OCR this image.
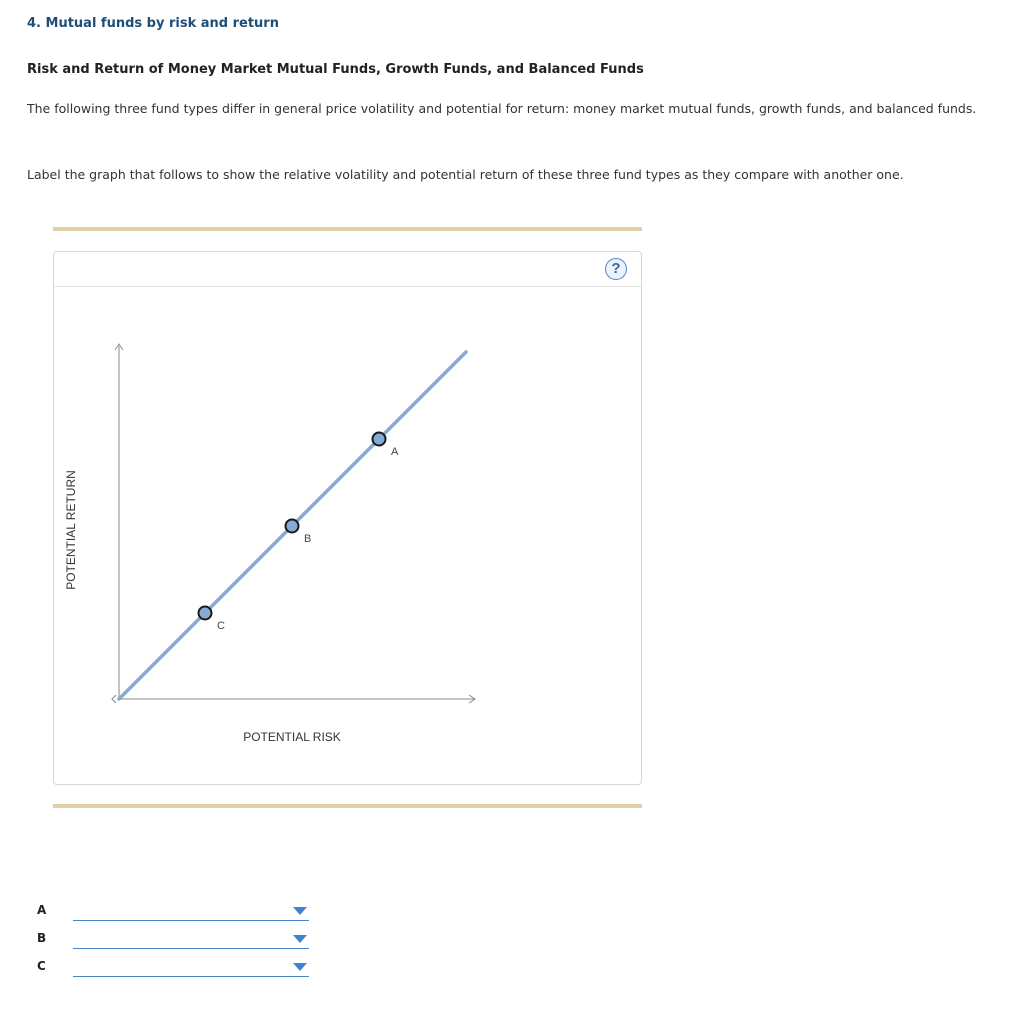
4. Mutual funds by risk and return
Risk and Return of Money Market Mutual Funds, Growth Funds, and Balanced Funds

The following three fund types differ in general price volatility and potential for return: money market mutual funds, growth funds, and balanced funds.

Label the graph that follows to show the relative volatility and potential return of these three fund types as they compare with another one.

?
A
B
C
POTENTIAL RISK
POTENTIAL RETURN
A
B
C
